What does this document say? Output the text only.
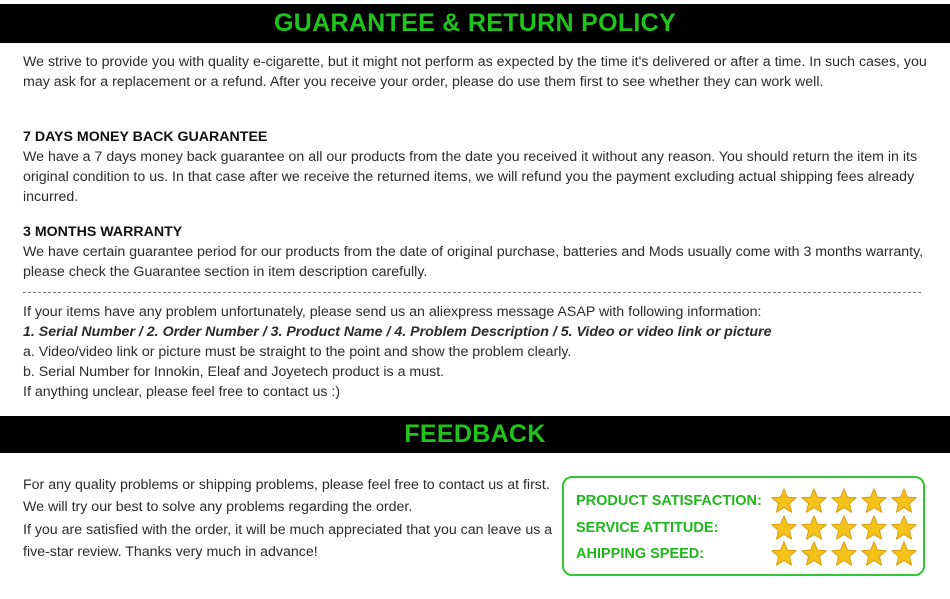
GUARANTEE & RETURN POLICY

We strive to provide you with quality e-cigarette, but it might not perform as expected by the time it's delivered or after a time. In such cases, you may ask for a replacement or a refund. After you receive your order, please do use them first to see whether they can work well.

7 DAYS MONEY BACK GUARANTEE

We have a 7 days money back guarantee on all our products from the date you received it without any reason. You should return the item in its original condition to us. In that case after we receive the returned items, we will refund you the payment excluding actual shipping fees already incurred.

3 MONTHS WARRANTY

We have certain guarantee period for our products from the date of original purchase, batteries and Mods usually come with 3 months warranty, please check the Guarantee section in item description carefully.

If your items have any problem unfortunately, please send us an aliexpress message ASAP with following information:

1. Serial Number / 2. Order Number / 3. Product Name / 4. Problem Description / 5. Video or video link or picture

a. Video/video link or picture must be straight to the point and show the problem clearly.

b. Serial Number for Innokin, Eleaf and Joyetech product is a must.

If anything unclear, please feel free to contact us :)

FEEDBACK

For any quality problems or shipping problems, please feel free to contact us at first. We will try our best to solve any problems regarding the order.

If you are satisfied with the order, it will be much appreciated that you can leave us a five-star review. Thanks very much in advance!

PRODUCT SATISFACTION:
SERVICE ATTITUDE:
AHIPPING SPEED:
